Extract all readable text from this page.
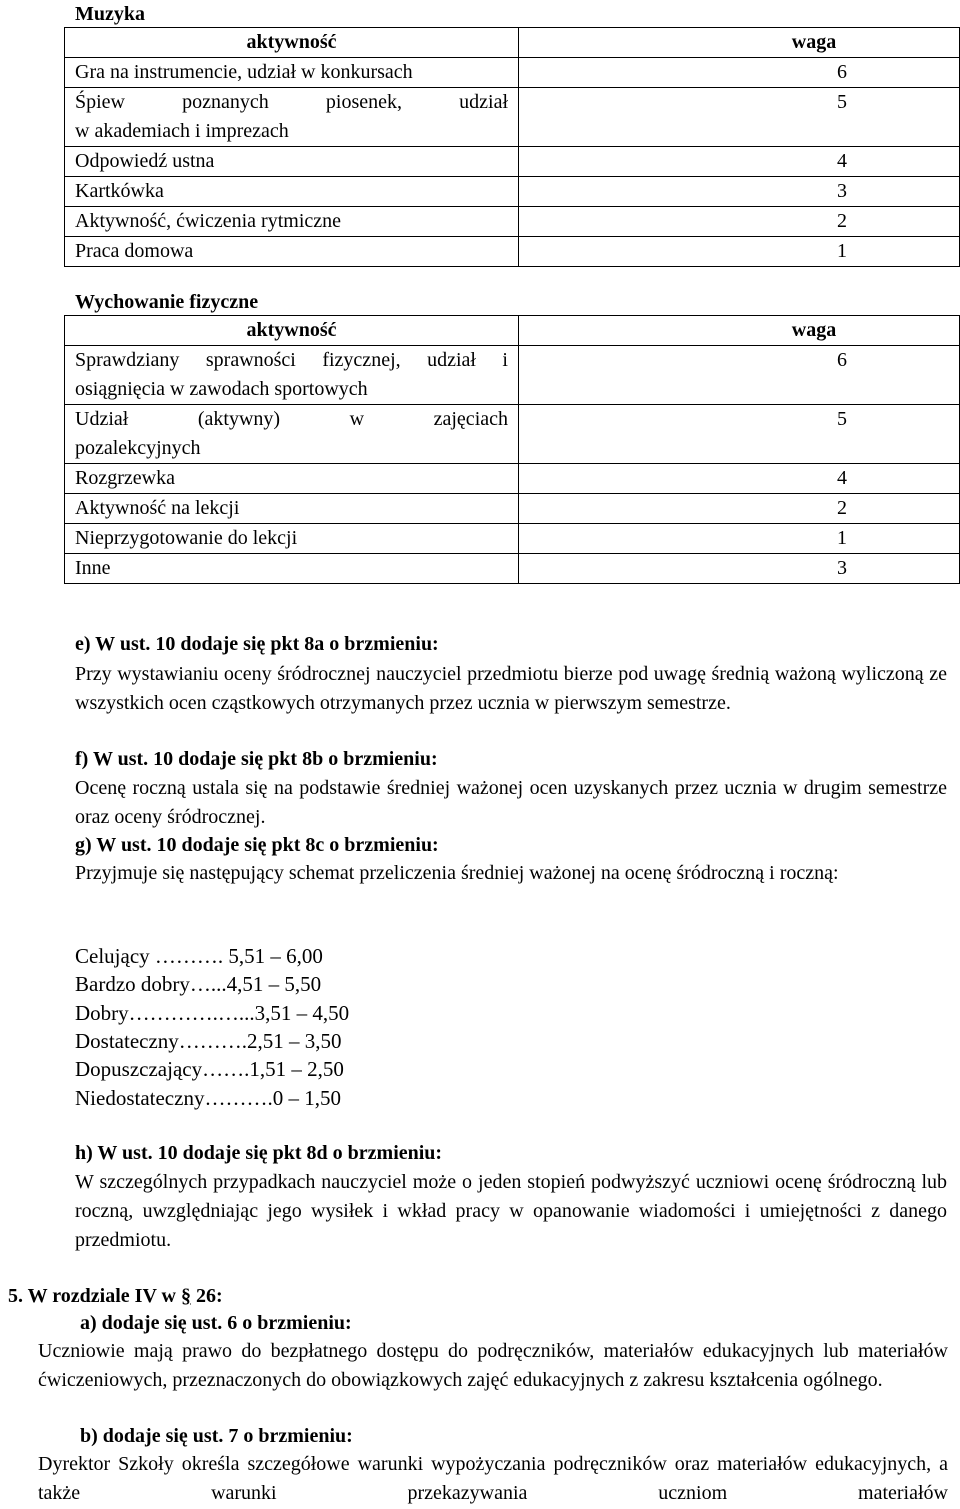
Muzyka
aktywność	waga
Gra na instrumencie, udział w konkursach	6

Śpiew poznanych piosenek, udział
w akademiach i imprezach	5
Odpowiedź ustna	4
Kartkówka	3
Aktywność, ćwiczenia rytmiczne	2
Praca domowa	1
Wychowanie fizyczne
aktywność	waga

Sprawdziany sprawności fizycznej, udział i
osiągnięcia w zawodach sportowych	6

Udział (aktywny) w zajęciach
pozalekcyjnych	5
Rozgrzewka	4
Aktywność na lekcji	2
Nieprzygotowanie do lekcji	1
Inne	3
e) W ust. 10 dodaje się pkt 8a o brzmieniu:
Przy wystawianiu oceny śródrocznej nauczyciel przedmiotu bierze pod uwagę średnią ważoną wyliczoną ze wszystkich ocen cząstkowych otrzymanych przez ucznia w pierwszym semestrze.
f) W ust. 10 dodaje się pkt 8b o brzmieniu:
Ocenę roczną ustala się na podstawie średniej ważonej ocen uzyskanych przez ucznia w drugim semestrze oraz oceny śródrocznej.
g) W ust. 10 dodaje się pkt 8c o brzmieniu:
Przyjmuje się następujący schemat przeliczenia średniej ważonej na ocenę śródroczną i roczną:
Celujący ………. 5,51 – 6,00
Bardzo dobry…...4,51 – 5,50
Dobry………….…...3,51 – 4,50
Dostateczny……….2,51 – 3,50
Dopuszczający…….1,51 – 2,50
Niedostateczny……….0 – 1,50
h) W ust. 10 dodaje się pkt 8d o brzmieniu:
W szczególnych przypadkach nauczyciel może o jeden stopień podwyższyć uczniowi ocenę śródroczną lub roczną, uwzględniając jego wysiłek i wkład pracy w opanowanie wiadomości i umiejętności z danego przedmiotu.
5. W rozdziale IV w § 26:
a) dodaje się ust. 6 o brzmieniu:
Uczniowie mają prawo do bezpłatnego dostępu do podręczników, materiałów edukacyjnych lub materiałów ćwiczeniowych, przeznaczonych do obowiązkowych zajęć edukacyjnych z zakresu kształcenia ogólnego.
b) dodaje się ust. 7 o brzmieniu:
Dyrektor Szkoły określa szczegółowe warunki wypożyczania podręczników oraz materiałów edukacyjnych, a także warunki przekazywania uczniom materiałów
